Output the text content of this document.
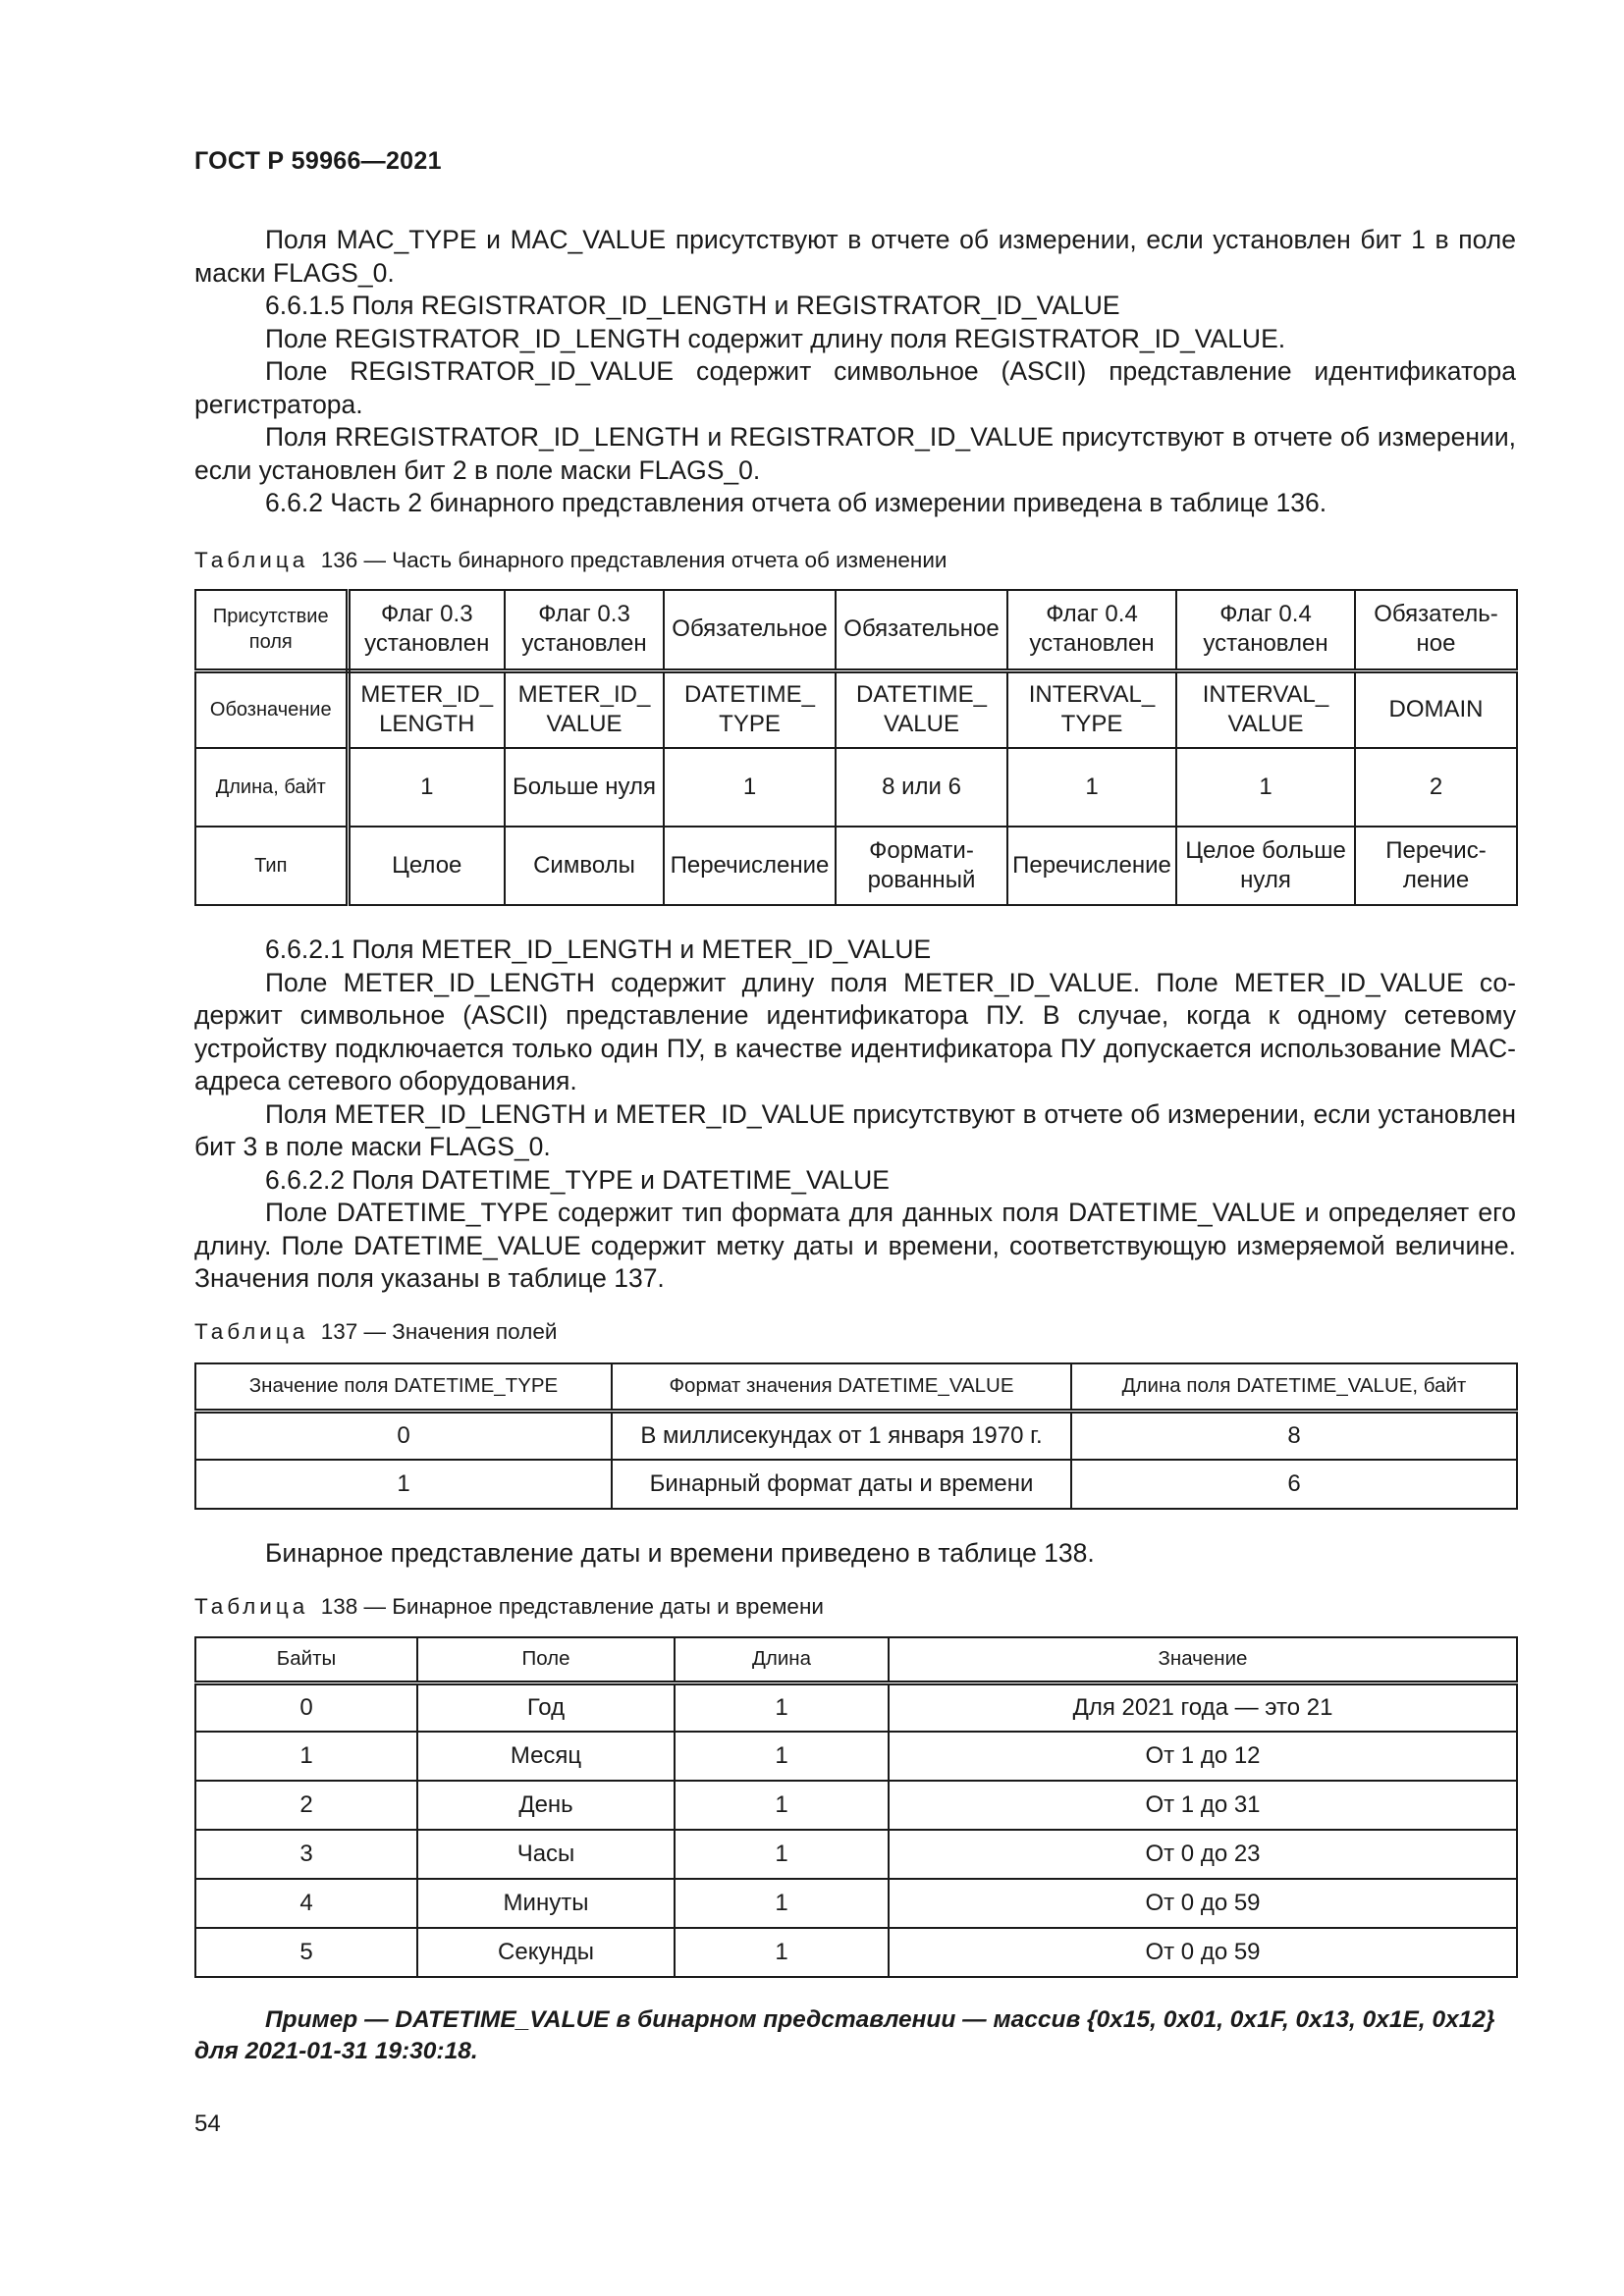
ГОСТ Р 59966—2021

Поля MAC_TYPE и MAC_VALUE присутствуют в отчете об измерении, если установлен бит 1 в поле маски FLAGS_0.

6.6.1.5 Поля REGISTRATOR_ID_LENGTH и REGISTRATOR_ID_VALUE

Поле REGISTRATOR_ID_LENGTH содержит длину поля REGISTRATOR_ID_VALUE.

Поле REGISTRATOR_ID_VALUE содержит символьное (ASCII) представление идентификатора регистратора.

Поля RREGISTRATOR_ID_LENGTH и REGISTRATOR_ID_VALUE присутствуют в отчете об измерении, если установлен бит 2 в поле маски FLAGS_0.

6.6.2 Часть 2 бинарного представления отчета об измерении приведена в таблице 136.

Таблица 136 — Часть бинарного представления отчета об изменении
Присутствие поля	Флаг 0.3 установлен	Флаг 0.3 установлен	Обязательное	Обязательное	Флаг 0.4 установлен	Флаг 0.4 установлен	Обязательное
Обозначение	METER_ID_ LENGTH	METER_ID_ VALUE	DATETIME_ TYPE	DATETIME_ VALUE	INTERVAL_ TYPE	INTERVAL_ VALUE	DOMAIN
Длина, байт	1	Больше нуля	1	8 или 6	1	1	2
Тип	Целое	Символы	Перечисление	Форматированный	Перечисление	Целое больше нуля	Перечисление

6.6.2.1 Поля METER_ID_LENGTH и METER_ID_VALUE

Поле METER_ID_LENGTH содержит длину поля METER_ID_VALUE. Поле METER_ID_VALUE содержит символьное (ASCII) представление идентификатора ПУ. В случае, когда к одному сетевому устройству подключается только один ПУ, в качестве идентификатора ПУ допускается использование MAC-адреса сетевого оборудования.

Поля METER_ID_LENGTH и METER_ID_VALUE присутствуют в отчете об измерении, если установлен бит 3 в поле маски FLAGS_0.

6.6.2.2 Поля DATETIME_TYPE и DATETIME_VALUE

Поле DATETIME_TYPE содержит тип формата для данных поля DATETIME_VALUE и определяет его длину. Поле DATETIME_VALUE содержит метку даты и времени, соответствующую измеряемой величине. Значения поля указаны в таблице 137.

Таблица 137 — Значения полей
Значение поля DATETIME_TYPE	Формат значения DATETIME_VALUE	Длина поля DATETIME_VALUE, байт
0	В миллисекундах от 1 января 1970 г.	8
1	Бинарный формат даты и времени	6

Бинарное представление даты и времени приведено в таблице 138.

Таблица 138 — Бинарное представление даты и времени
Байты	Поле	Длина	Значение
0	Год	1	Для 2021 года — это 21
1	Месяц	1	От 1 до 12
2	День	1	От 1 до 31
3	Часы	1	От 0 до 23
4	Минуты	1	От 0 до 59
5	Секунды	1	От 0 до 59
Пример — DATETIME_VALUE в бинарном представлении — массив {0x15, 0x01, 0x1F, 0x13, 0x1E, 0x12}
для 2021-01-31 19:30:18.
54
